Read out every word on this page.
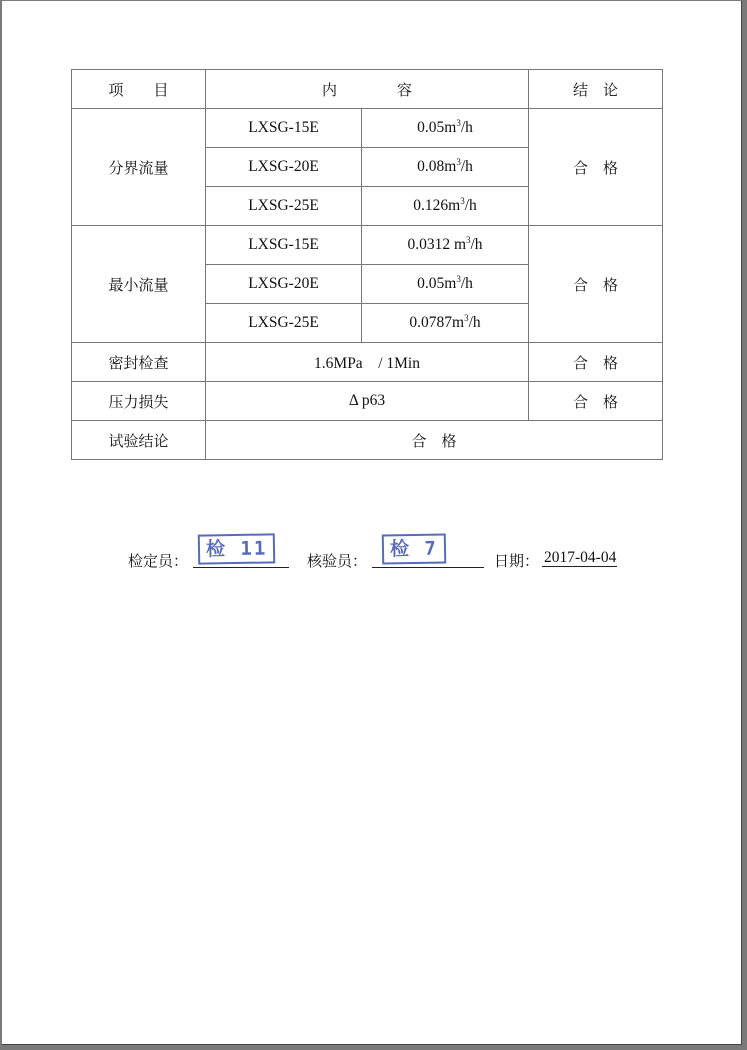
项　　目	内　　　　容		结　论
分界流量	LXSG-15E	$0.05m^3/h$	合　格
	LXSG-20E	$0.08m^3/h$	
	LXSG-25E	$0.126m^3/h$	
最小流量	LXSG-15E	0.0312 $m^3/h$	合　格
	LXSG-20E	$0.05m^3/h$	
	LXSG-25E	$0.0787m^3/h$	
密封检查	1.6MPa　/ 1Min		合　格
压力损失	Δ p63		合　格
试验结论	合　格		
检定员：
检 11
核验员：
检 7
日期： 2017-04-04
